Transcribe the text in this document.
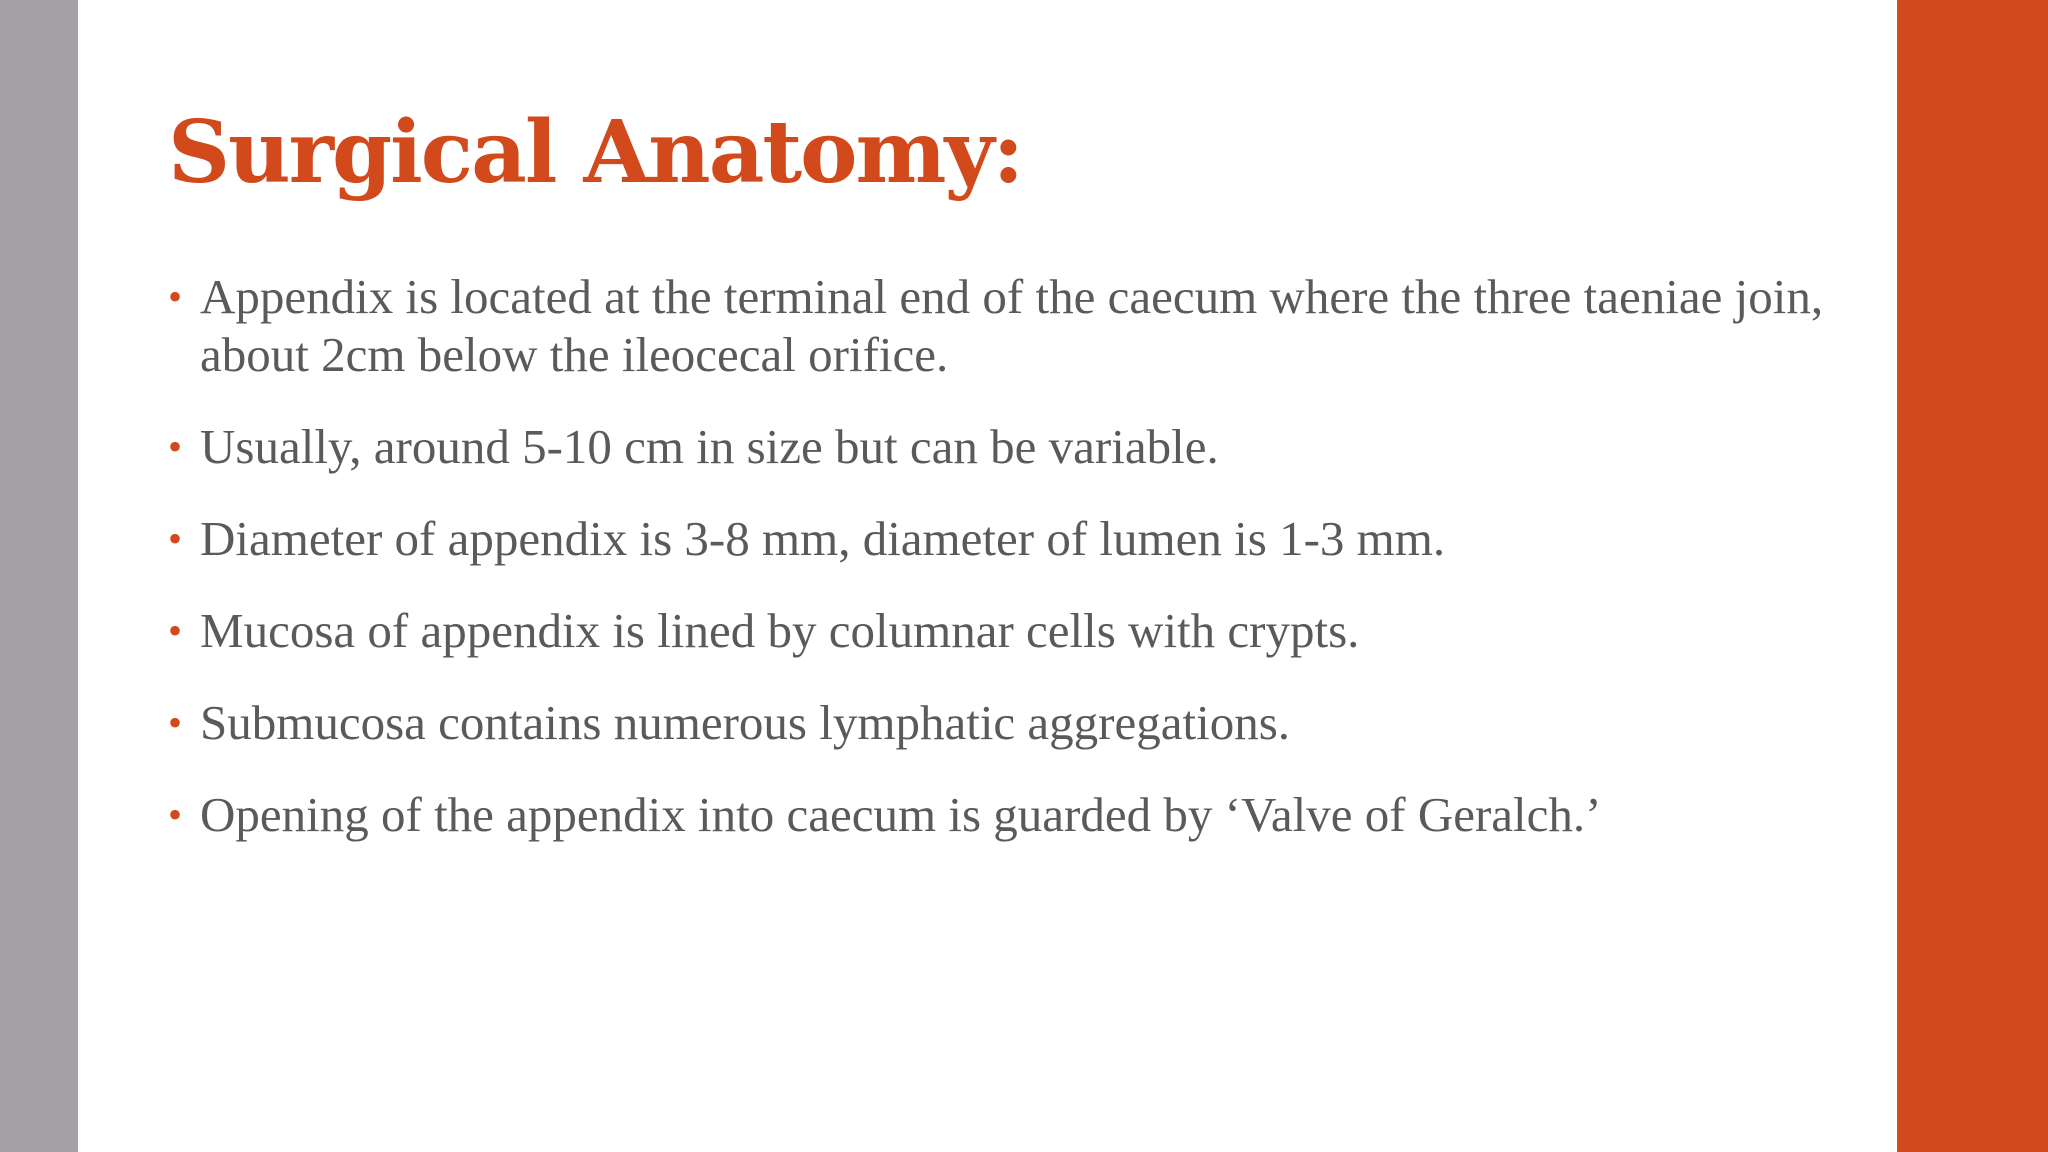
Surgical Anatomy:
• Appendix is located at the terminal end of the caecum where the three taeniae join, about 2cm below the ileocecal orifice.
• Usually, around 5-10 cm in size but can be variable.
• Diameter of appendix is 3-8 mm, diameter of lumen is 1-3 mm.
• Mucosa of appendix is lined by columnar cells with crypts.
• Submucosa contains numerous lymphatic aggregations.
• Opening of the appendix into caecum is guarded by ‘Valve of Geralch.’
